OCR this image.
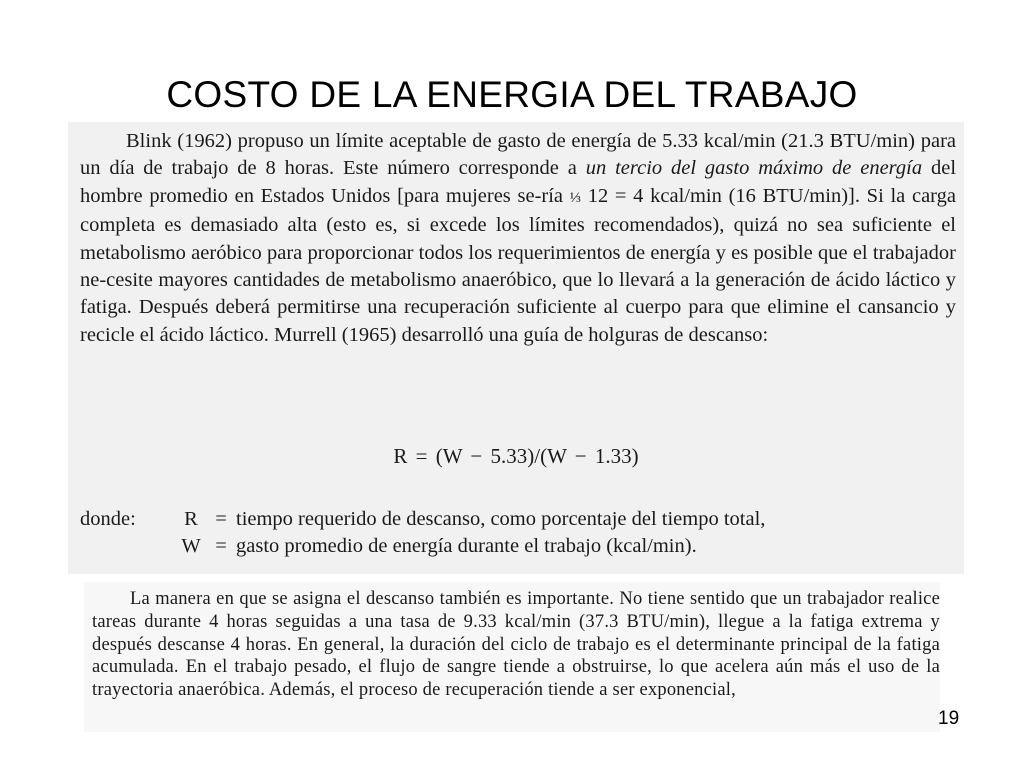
COSTO DE LA ENERGIA DEL TRABAJO

Blink (1962) propuso un límite aceptable de gasto de energía de 5.33 kcal/min (21.3 BTU/min) para un día de trabajo de 8 horas. Este número corresponde a un tercio del gasto máximo de energía del hombre promedio en Estados Unidos [para mujeres se-ría ⅓ 12 = 4 kcal/min (16 BTU/min)]. Si la carga completa es demasiado alta (esto es, si excede los límites recomendados), quizá no sea suficiente el metabolismo aeróbico para proporcionar todos los requerimientos de energía y es posible que el trabajador ne-cesite mayores cantidades de metabolismo anaeróbico, que lo llevará a la generación de ácido láctico y fatiga. Después deberá permitirse una recuperación suficiente al cuerpo para que elimine el cansancio y recicle el ácido láctico. Murrell (1965) desarrolló una guía de holguras de descanso:

R = (W − 5.33)/(W − 1.33)
donde:	R = tiempo requerido de descanso, como porcentaje del tiempo total,
W = gasto promedio de energía durante el trabajo (kcal/min).

La manera en que se asigna el descanso también es importante. No tiene sentido que un trabajador realice tareas durante 4 horas seguidas a una tasa de 9.33 kcal/min (37.3 BTU/min), llegue a la fatiga extrema y después descanse 4 horas. En general, la duración del ciclo de trabajo es el determinante principal de la fatiga acumulada. En el trabajo pesado, el flujo de sangre tiende a obstruirse, lo que acelera aún más el uso de la trayectoria anaeróbica. Además, el proceso de recuperación tiende a ser exponencial,

19
